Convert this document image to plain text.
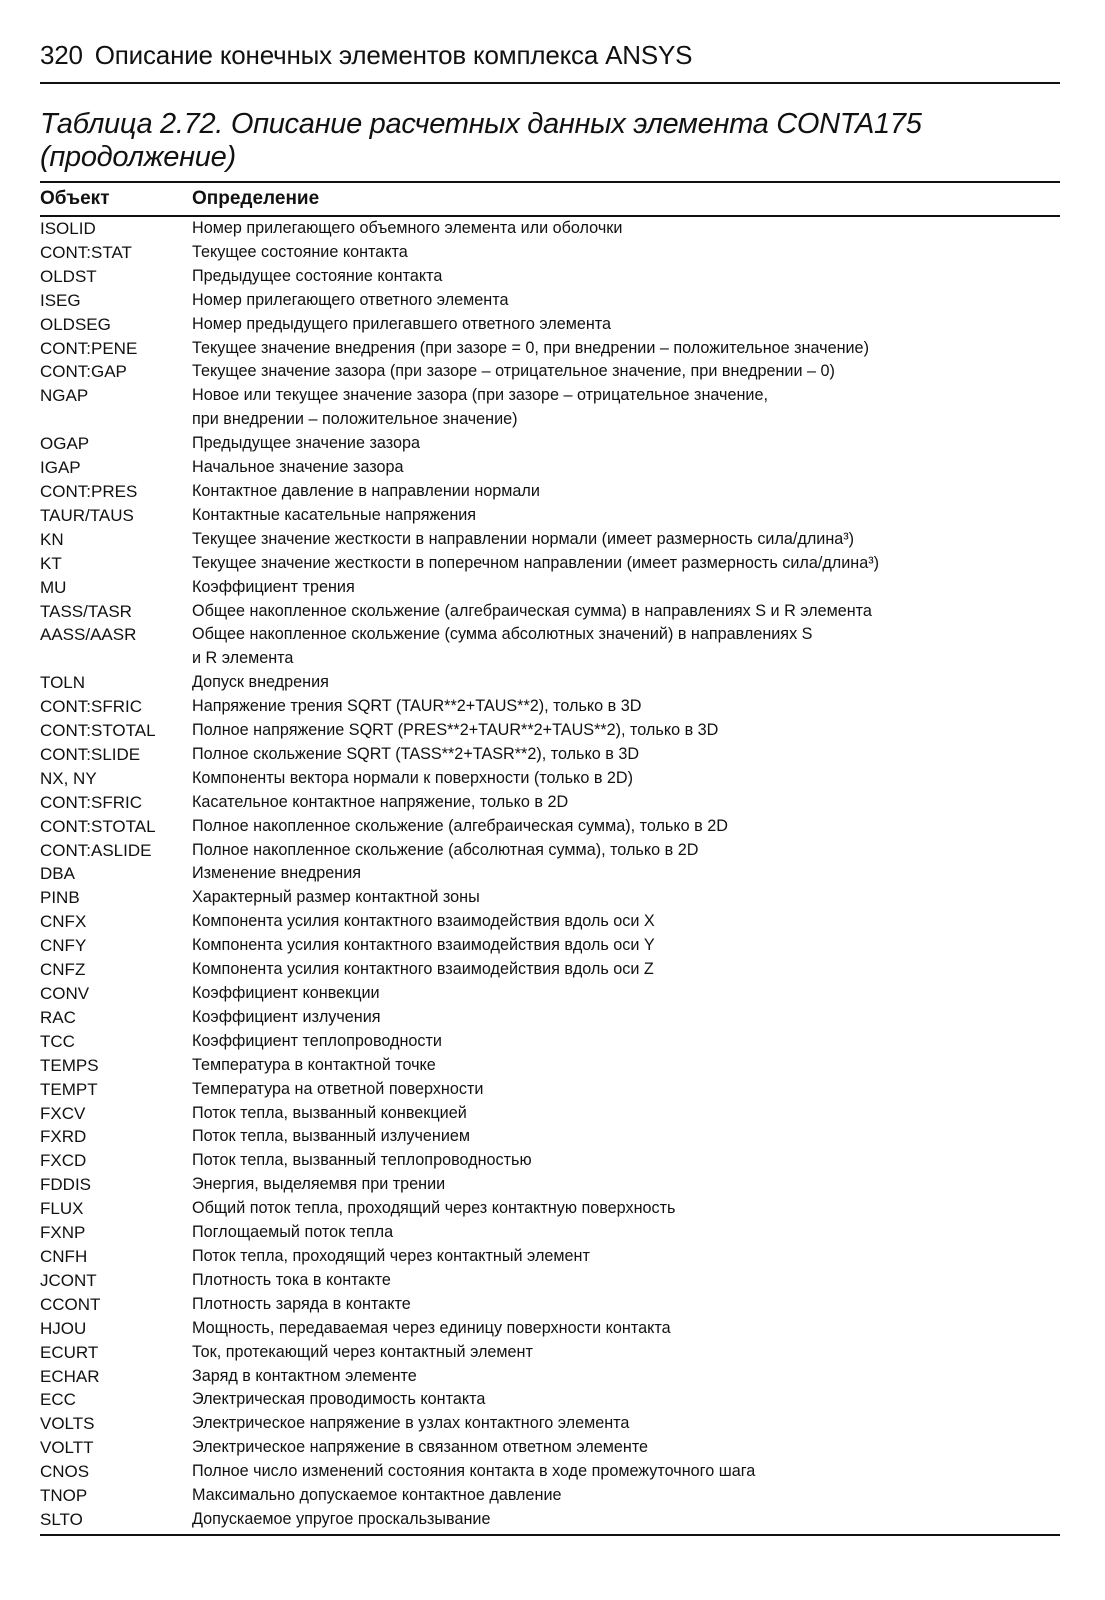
320 Описание конечных элементов комплекса ANSYS
Таблица 2.72. Описание расчетных данных элемента CONTA175
(продолжение)
Объект	Определение
ISOLID	Номер прилегающего объемного элемента или оболочки
CONT:STAT	Текущее состояние контакта
OLDST	Предыдущее состояние контакта
ISEG	Номер прилегающего ответного элемента
OLDSEG	Номер предыдущего прилегавшего ответного элемента
CONT:PENE	Текущее значение внедрения (при зазоре = 0, при внедрении – положительное значение)
CONT:GAP	Текущее значение зазора (при зазоре – отрицательное значение, при внедрении – 0)
NGAP	Новое или текущее значение зазора (при зазоре – отрицательное значение,
при внедрении – положительное значение)
OGAP	Предыдущее значение зазора
IGAP	Начальное значение зазора
CONT:PRES	Контактное давление в направлении нормали
TAUR/TAUS	Контактные касательные напряжения
KN	Текущее значение жесткости в направлении нормали (имеет размерность сила/длина³)
KT	Текущее значение жесткости в поперечном направлении (имеет размерность сила/длина³)
MU	Коэффициент трения
TASS/TASR	Общее накопленное скольжение (алгебраическая сумма) в направлениях S и R элемента
AASS/AASR	Общее накопленное скольжение (сумма абсолютных значений) в направлениях S
и R элемента
TOLN	Допуск внедрения
CONT:SFRIC	Напряжение трения SQRT (TAUR**2+TAUS**2), только в 3D
CONT:STOTAL	Полное напряжение SQRT (PRES**2+TAUR**2+TAUS**2), только в 3D
CONT:SLIDE	Полное скольжение SQRT (TASS**2+TASR**2), только в 3D
NX, NY	Компоненты вектора нормали к поверхности (только в 2D)
CONT:SFRIC	Касательное контактное напряжение, только в 2D
CONT:STOTAL	Полное накопленное скольжение (алгебраическая сумма), только в 2D
CONT:ASLIDE	Полное накопленное скольжение (абсолютная сумма), только в 2D
DBA	Изменение внедрения
PINB	Характерный размер контактной зоны
CNFX	Компонента усилия контактного взаимодействия вдоль оси X
CNFY	Компонента усилия контактного взаимодействия вдоль оси Y
CNFZ	Компонента усилия контактного взаимодействия вдоль оси Z
CONV	Коэффициент конвекции
RAC	Коэффициент излучения
TCC	Коэффициент теплопроводности
TEMPS	Температура в контактной точке
TEMPT	Температура на ответной поверхности
FXCV	Поток тепла, вызванный конвекцией
FXRD	Поток тепла, вызванный излучением
FXCD	Поток тепла, вызванный теплопроводностью
FDDIS	Энергия, выделяемвя при трении
FLUX	Общий поток тепла, проходящий через контактную поверхность
FXNP	Поглощаемый поток тепла
CNFH	Поток тепла, проходящий через контактный элемент
JCONT	Плотность тока в контакте
CCONT	Плотность заряда в контакте
HJOU	Мощность, передаваемая через единицу поверхности контакта
ECURT	Ток, протекающий через контактный элемент
ECHAR	Заряд в контактном элементе
ECC	Электрическая проводимость контакта
VOLTS	Электрическое напряжение в узлах контактного элемента
VOLTT	Электрическое напряжение в связанном ответном элементе
CNOS	Полное число изменений состояния контакта в ходе промежуточного шага
TNOP	Максимально допускаемое контактное давление
SLTO	Допускаемое упругое проскальзывание
